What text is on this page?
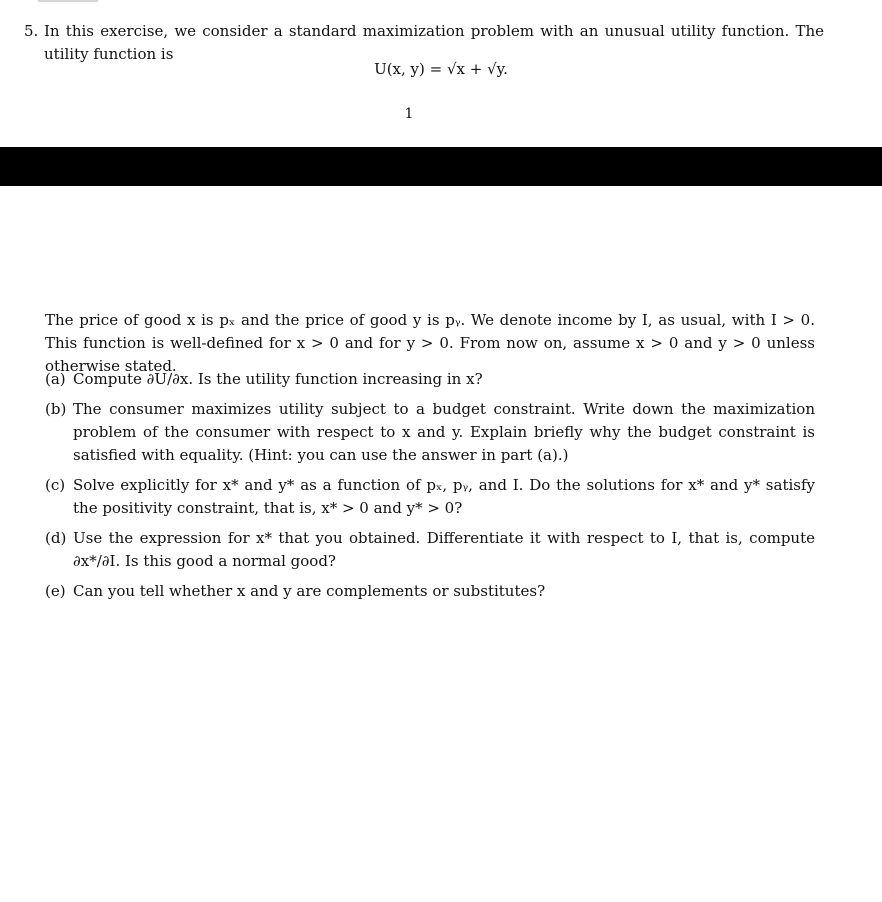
5. In this exercise, we consider a standard maximization problem with an unusual utility function. The utility function is
U(x, y) = √x + √y.
1
The price of good x is pₓ and the price of good y is pᵧ. We denote income by I, as usual, with I > 0. This function is well-defined for x > 0 and for y > 0. From now on, assume x > 0 and y > 0 unless otherwise stated.
(a) Compute ∂U/∂x. Is the utility function increasing in x?
(b) The consumer maximizes utility subject to a budget constraint. Write down the maximization problem of the consumer with respect to x and y. Explain briefly why the budget constraint is satisfied with equality. (Hint: you can use the answer in part (a).)
(c) Solve explicitly for x* and y* as a function of pₓ, pᵧ, and I. Do the solutions for x* and y* satisfy the positivity constraint, that is, x* > 0 and y* > 0?
(d) Use the expression for x* that you obtained. Differentiate it with respect to I, that is, compute ∂x*/∂I. Is this good a normal good?
(e) Can you tell whether x and y are complements or substitutes?
